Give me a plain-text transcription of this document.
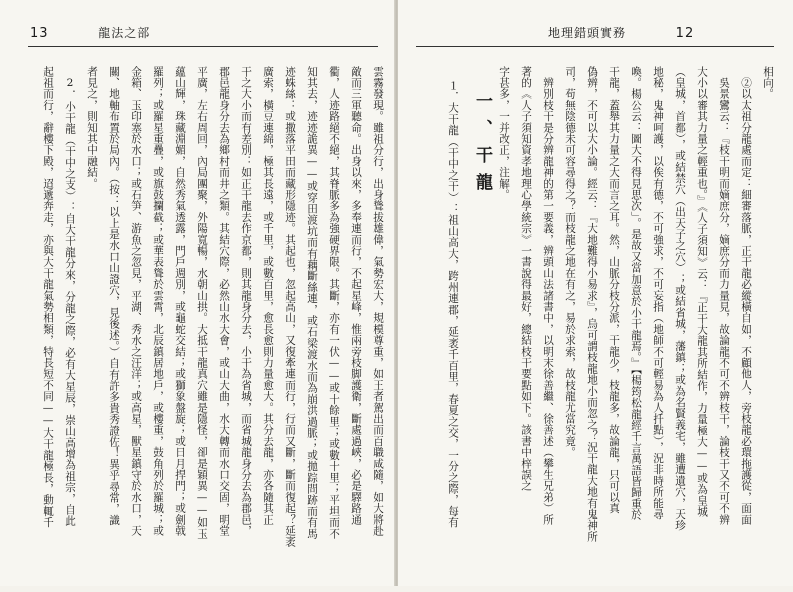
13	龍法之部
雲霧發現。雖祖分行，出身聳拔雄偉，氣勢宏大，規模尊重，如王者駕出而百職咸隨，如大將赴
敵而三軍聽命。出身以來，多奉連而行，不起星峰，惟兩旁枝脚護衛，斷處過峽，必是驛路通
衢，人迹路絕不絕，其脊脈多為強硬界限。其斷，亦有一伏——或十餘里；或數十里；平坦而不
知其去，迹迹詭異——或穿田渡坑而有藕斷絲連，或石梁渡水而為崩洪過脈；或拋踪問跡而有馬
迹蛛絲：或撒落平田而藏形隱迹。其起也，忽起高山，又復牽連而行，行而又斷，斷而復起？延袤
廣索，橫豆連綿，極其長遠，或千里，或數百里，愈長愈則力量愈大。其分去龍，亦各隨其正
干之大小而有差別：如正干龍去作京都，則其龍身分去，小干為省城，而省城龍身分去為郡邑，
郡邑龍身分去為鄉村而井之類。其結穴際，必然山水大會，或山大曲，水大轉而水口交固，明堂
平廣，左右周回，內局團聚，外陽寬暢，水朝山拱。大抵干龍真穴雖是隱怪，卻是穎異——如玉
蘊山輝，珠藏淵媚，自然秀氣透露，門戶週別，或龜蛇交結；或獅象盤旋；或日月捍門；或劍戟
羅列；或羅星重疊，或旗鼓攔截；或華表聳於雲霄，北辰鎮居地戶，或樓重，鼓角列於羅城；或
金箱、玉印塞於水口；或石笋、游魚之忽見，平湖、秀水之汪洋；或高星，獸星鎮守於水口，天
關、地軸布置於局內。（按：以上是水口山證穴，見後述。）自有許多貴秀證佐！異乎尋常，識
者見之，則知其中融結。
　2．小干龍（干中之支）：自大干龍分來，分龍之際，必有大星辰，崇山高增為祖宗，自此
起祖而行，辭樓下殿，迢遞奔走，亦與大干龍氣勢相類，特長短不同——大干龍極長，動輒千
地理錯頭實務	12
相向。
　②以太祖分龍處而定：細審落脈，正干龍必縱橫自如，不顧他人，旁枝龍必環拖護從，面面
　吳景鸞云：『枝干明而嫡庶分，嫡庶分而力量見，故論龍不可不辨枝干，論枝干又不可不辨
大小以審其力量之輕重也。』《人子須知》云：『正干大龍其所結作，力量極大——或為皇城
（皇城，首都），或結禁穴（出天子之穴）；或結省城，藩鎮；或為名賢義宅，雖遭遺穴，天珍
地秘，鬼神呵護，以俟有德，不可強求，不可妄指（地師不可輕易為人扦點），況非時所能尋
喚。楊公云：圖大不得見思次」。是故又當加意於小干龍焉。』【楊筠松龍經千言萬語皆歸重於
干龍，蓋舉其力量之大而言之耳。然，山脈分枝分派，干龍少，枝龍多，故論龍，只可以真
偽辨，不可以大小論。經云：『大地難得小易求』，烏可謂枝龍地小而忽之？況干龍大地有鬼神所
司，苟無陰德未可容尋得之？而枝龍之地在有之，易於求索，故枝龍尤當究竟。
　辨別枝干是分辨龍神的第一要義，辨頭山法諸書中，以明末徐善繼、徐善述（攀生兄弟）所
著的《人子須知資孝地理心學統宗》一書說得最好，總結枝干要點如下。該書中梓誤之
字甚多，一并改正，注解。
一、干龍
１．大干龍（干中之干）：祖山高大，跨州連郡，延袤千百里，春夏之交，一分之際，每有
